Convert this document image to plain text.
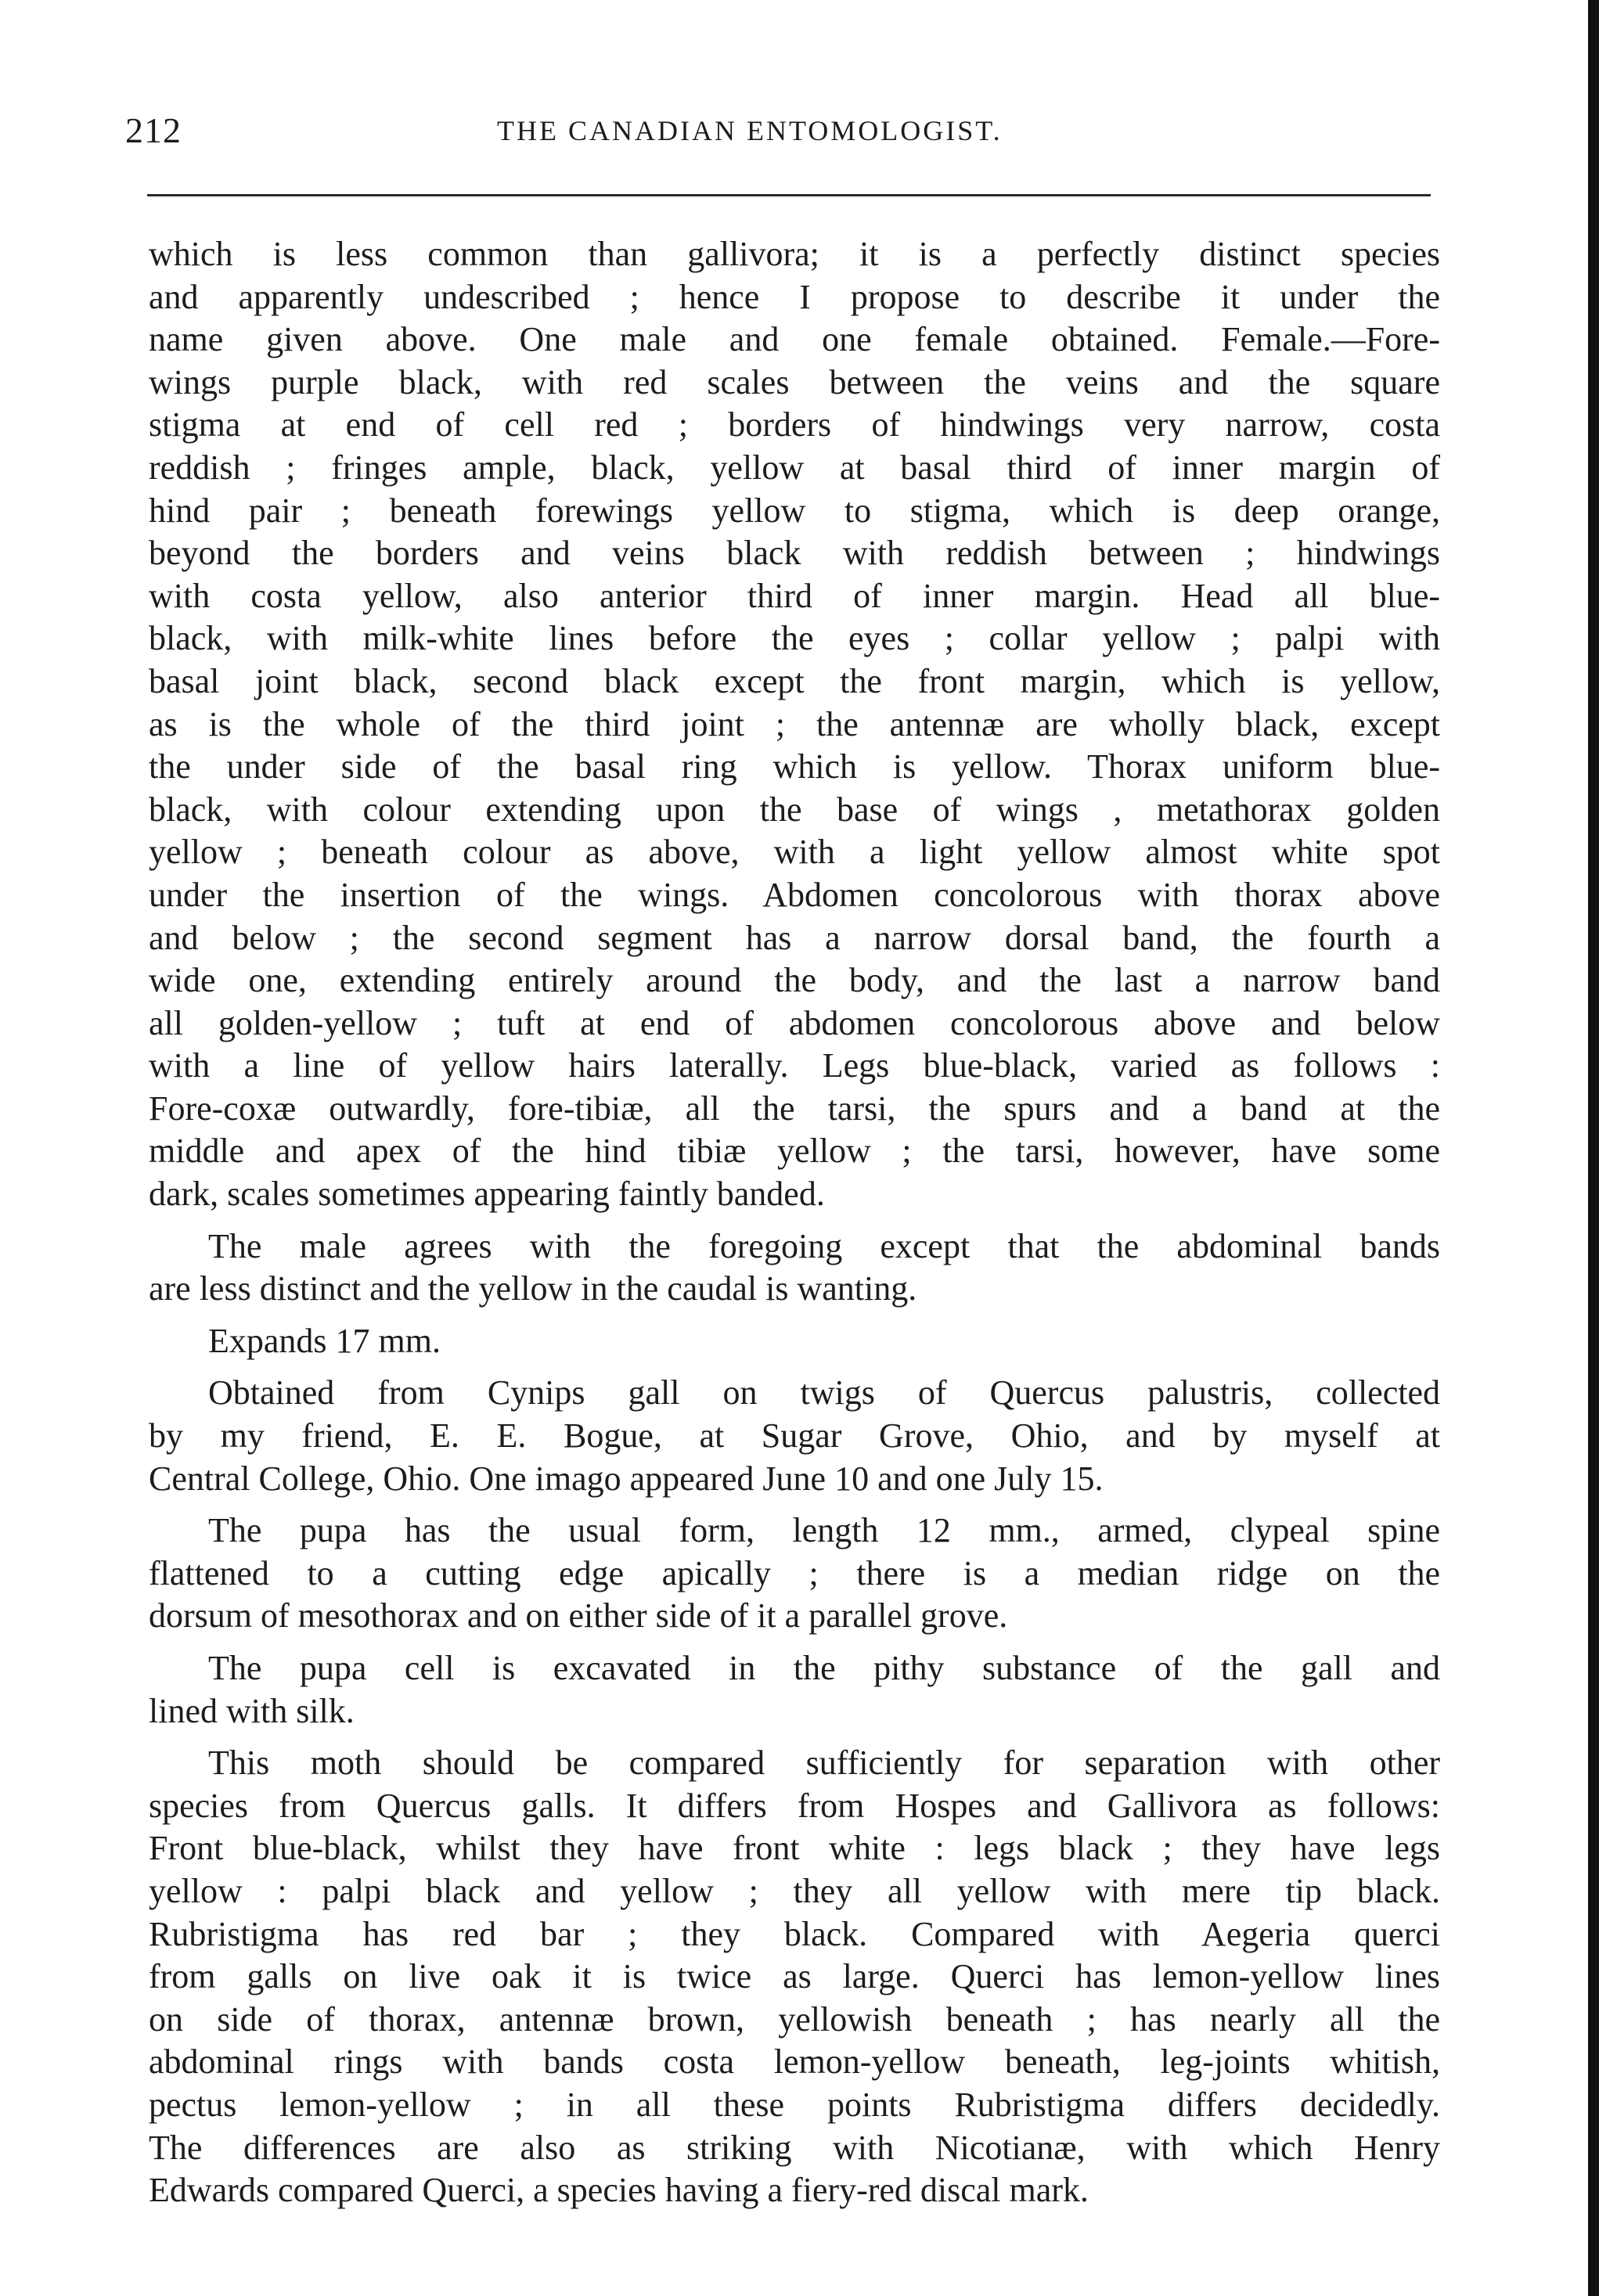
212	THE CANADIAN ENTOMOLOGIST.
which is less common than gallivora; it is a perfectly distinct species
and apparently undescribed ; hence I propose to describe it under the
name given above. One male and one female obtained. Female.—Fore-
wings purple black, with red scales between the veins and the square
stigma at end of cell red ; borders of hindwings very narrow, costa
reddish ; fringes ample, black, yellow at basal third of inner margin of
hind pair ; beneath forewings yellow to stigma, which is deep orange,
beyond the borders and veins black with reddish between ; hindwings
with costa yellow, also anterior third of inner margin. Head all blue-
black, with milk-white lines before the eyes ; collar yellow ; palpi with
basal joint black, second black except the front margin, which is yellow,
as is the whole of the third joint ; the antennæ are wholly black, except
the under side of the basal ring which is yellow. Thorax uniform blue-
black, with colour extending upon the base of wings , metathorax golden
yellow ; beneath colour as above, with a light yellow almost white spot
under the insertion of the wings. Abdomen concolorous with thorax above
and below ; the second segment has a narrow dorsal band, the fourth a
wide one, extending entirely around the body, and the last a narrow band
all golden-yellow ; tuft at end of abdomen concolorous above and below
with a line of yellow hairs laterally. Legs blue-black, varied as follows :
Fore-coxæ outwardly, fore-tibiæ, all the tarsi, the spurs and a band at the
middle and apex of the hind tibiæ yellow ; the tarsi, however, have some
dark, scales sometimes appearing faintly banded.
The male agrees with the foregoing except that the abdominal bands
are less distinct and the yellow in the caudal is wanting.
Expands 17 mm.
Obtained from Cynips gall on twigs of Quercus palustris, collected
by my friend, E. E. Bogue, at Sugar Grove, Ohio, and by myself at
Central College, Ohio. One imago appeared June 10 and one July 15.
The pupa has the usual form, length 12 mm., armed, clypeal spine
flattened to a cutting edge apically ; there is a median ridge on the
dorsum of mesothorax and on either side of it a parallel grove.
The pupa cell is excavated in the pithy substance of the gall and
lined with silk.
This moth should be compared sufficiently for separation with other
species from Quercus galls. It differs from Hospes and Gallivora as follows:
Front blue-black, whilst they have front white : legs black ; they have legs
yellow : palpi black and yellow ; they all yellow with mere tip black.
Rubristigma has red bar ; they black. Compared with Aegeria querci
from galls on live oak it is twice as large. Querci has lemon-yellow lines
on side of thorax, antennæ brown, yellowish beneath ; has nearly all the
abdominal rings with bands costa lemon-yellow beneath, leg-joints whitish,
pectus lemon-yellow ; in all these points Rubristigma differs decidedly.
The differences are also as striking with Nicotianæ, with which Henry
Edwards compared Querci, a species having a fiery-red discal mark.
